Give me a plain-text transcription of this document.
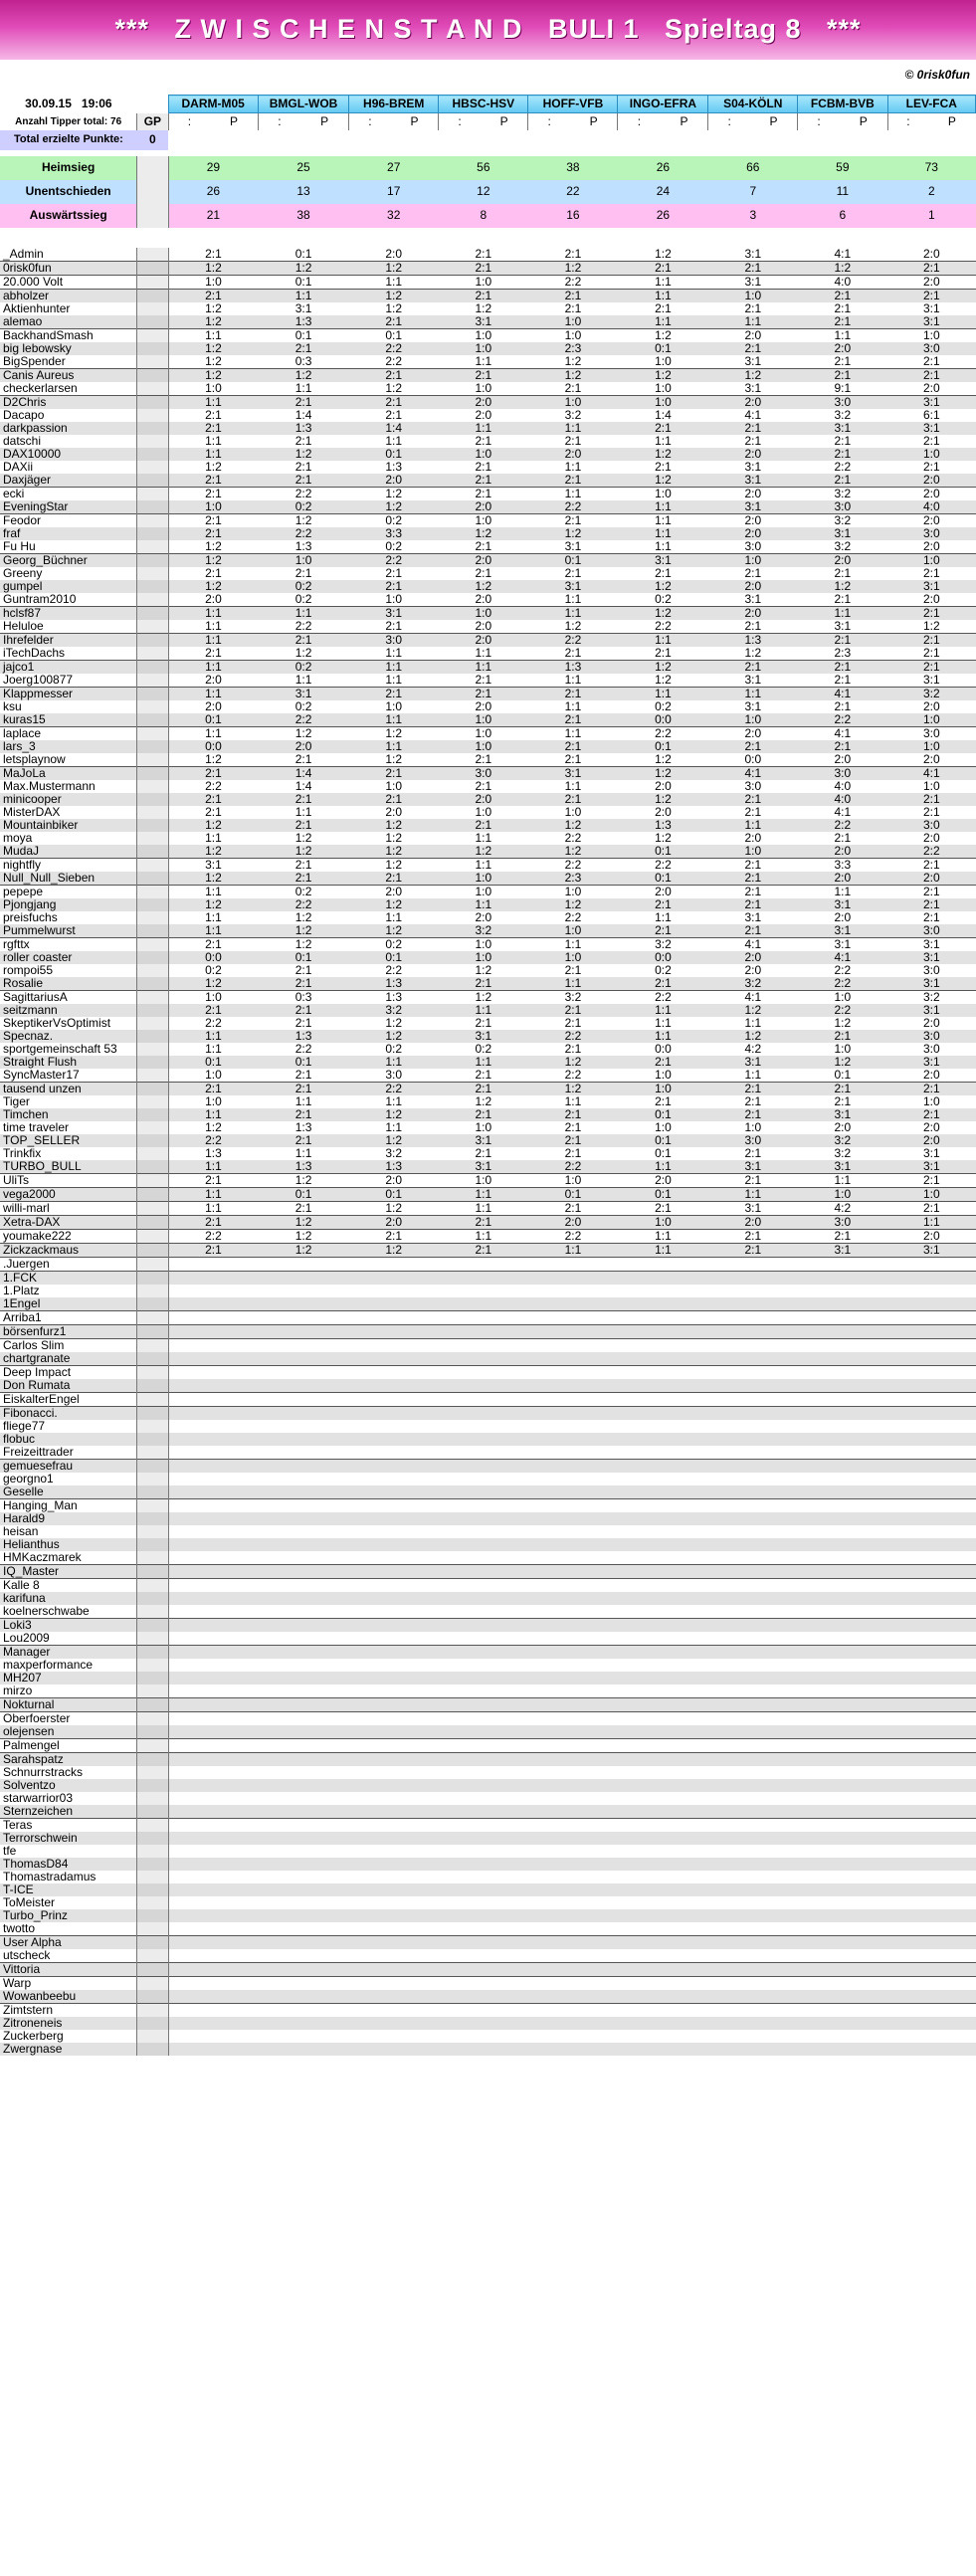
***   Z W I S C H E N S T A N D   BULI 1   Spieltag 8   ***
© 0risk0fun
30.09.15 19:06		DARM-M05		BMGL-WOB		H96-BREM		HBSC-HSV		HOFF-VFB		INGO-EFRA		S04-KÖLN		FCBM-BVB		LEV-FCA	
Anzahl Tipper total: 76	GP	:	P	:	P	:	P	:	P	:	P	:	P	:	P	:	P	:	P
Total erzielte Punkte:	0																		

Heimsieg		29		25		27		56		38		26		66		59		73	
Unentschieden		26		13		17		12		22		24		7		11		2	
Auswärtssieg		21		38		32		8		16		26		3		6		1	

_Admin		2:1		0:1		2:0		2:1		2:1		1:2		3:1		4:1		2:0	
0risk0fun		1:2		1:2		1:2		2:1		1:2		2:1		2:1		1:2		2:1	
20.000 Volt		1:0		0:1		1:1		1:0		2:2		1:1		3:1		4:0		2:0	
abholzer		2:1		1:1		1:2		2:1		2:1		1:1		1:0		2:1		2:1	
Aktienhunter		1:2		3:1		1:2		1:2		2:1		2:1		2:1		2:1		3:1	
alemao		1:2		1:3		2:1		3:1		1:0		1:1		1:1		2:1		3:1	
BackhandSmash		1:1		0:1		0:1		1:0		1:0		1:2		2:0		1:1		1:0	
big lebowsky		1:2		2:1		2:2		1:0		2:3		0:1		2:1		2:0		3:0	
BigSpender		1:2		0:3		2:2		1:1		1:2		1:0		3:1		2:1		2:1	
Canis Aureus		1:2		1:2		2:1		2:1		1:2		1:2		1:2		2:1		2:1	
checkerlarsen		1:0		1:1		1:2		1:0		2:1		1:0		3:1		9:1		2:0	
D2Chris		1:1		2:1		2:1		2:0		1:0		1:0		2:0		3:0		3:1	
Dacapo		2:1		1:4		2:1		2:0		3:2		1:4		4:1		3:2		6:1	
darkpassion		2:1		1:3		1:4		1:1		1:1		2:1		2:1		3:1		3:1	
datschi		1:1		2:1		1:1		2:1		2:1		1:1		2:1		2:1		2:1	
DAX10000		1:1		1:2		0:1		1:0		2:0		1:2		2:0		2:1		1:0	
DAXii		1:2		2:1		1:3		2:1		1:1		2:1		3:1		2:2		2:1	
Daxjäger		2:1		2:1		2:0		2:1		2:1		1:2		3:1		2:1		2:0	
ecki		2:1		2:2		1:2		2:1		1:1		1:0		2:0		3:2		2:0	
EveningStar		1:0		0:2		1:2		2:0		2:2		1:1		3:1		3:0		4:0	
Feodor		2:1		1:2		0:2		1:0		2:1		1:1		2:0		3:2		2:0	
fraf		2:1		2:2		3:3		1:2		1:2		1:1		2:0		3:1		3:0	
Fu Hu		1:2		1:3		0:2		2:1		3:1		1:1		3:0		3:2		2:0	
Georg_Büchner		1:2		1:0		2:2		2:0		0:1		3:1		1:0		2:0		1:0	
Greeny		2:1		2:1		2:1		2:1		2:1		2:1		2:1		2:1		2:1	
gumpel		1:2		0:2		2:1		1:2		3:1		1:2		2:0		1:2		3:1	
Guntram2010		2:0		0:2		1:0		2:0		1:1		0:2		3:1		2:1		2:0	
hclsf87		1:1		1:1		3:1		1:0		1:1		1:2		2:0		1:1		2:1	
Heluloe		1:1		2:2		2:1		2:0		1:2		2:2		2:1		3:1		1:2	
Ihrefelder		1:1		2:1		3:0		2:0		2:2		1:1		1:3		2:1		2:1	
iTechDachs		2:1		1:2		1:1		1:1		2:1		2:1		1:2		2:3		2:1	
jajco1		1:1		0:2		1:1		1:1		1:3		1:2		2:1		2:1		2:1	
Joerg100877		2:0		1:1		1:1		2:1		1:1		1:2		3:1		2:1		3:1	
Klappmesser		1:1		3:1		2:1		2:1		2:1		1:1		1:1		4:1		3:2	
ksu		2:0		0:2		1:0		2:0		1:1		0:2		3:1		2:1		2:0	
kuras15		0:1		2:2		1:1		1:0		2:1		0:0		1:0		2:2		1:0	
laplace		1:1		1:2		1:2		1:0		1:1		2:2		2:0		4:1		3:0	
lars_3		0:0		2:0		1:1		1:0		2:1		0:1		2:1		2:1		1:0	
letsplaynow		1:2		2:1		1:2		2:1		2:1		1:2		0:0		2:0		2:0	
MaJoLa		2:1		1:4		2:1		3:0		3:1		1:2		4:1		3:0		4:1	
Max.Mustermann		2:2		1:4		1:0		2:1		1:1		2:0		3:0		4:0		1:0	
minicooper		2:1		2:1		2:1		2:0		2:1		1:2		2:1		4:0		2:1	
MisterDAX		2:1		1:1		2:0		1:0		1:0		2:0		2:1		4:1		2:1	
Mountainbiker		1:2		2:1		1:2		2:1		1:2		1:3		1:1		2:2		3:0	
moya		1:1		1:2		1:2		1:1		2:2		1:2		2:0		2:1		2:0	
MudaJ		1:2		1:2		1:2		1:2		1:2		0:1		1:0		2:0		2:2	
nightfly		3:1		2:1		1:2		1:1		2:2		2:2		2:1		3:3		2:1	
Null_Null_Sieben		1:2		2:1		2:1		1:0		2:3		0:1		2:1		2:0		2:0	
pepepe		1:1		0:2		2:0		1:0		1:0		2:0		2:1		1:1		2:1	
Pjongjang		1:2		2:2		1:2		1:1		1:2		2:1		2:1		3:1		2:1	
preisfuchs		1:1		1:2		1:1		2:0		2:2		1:1		3:1		2:0		2:1	
Pummelwurst		1:1		1:2		1:2		3:2		1:0		2:1		2:1		3:1		3:0	
rgfttx		2:1		1:2		0:2		1:0		1:1		3:2		4:1		3:1		3:1	
roller coaster		0:0		0:1		0:1		1:0		1:0		0:0		2:0		4:1		3:1	
rompoi55		0:2		2:1		2:2		1:2		2:1		0:2		2:0		2:2		3:0	
Rosalie		1:2		2:1		1:3		2:1		1:1		2:1		3:2		2:2		3:1	
SagittariusA		1:0		0:3		1:3		1:2		3:2		2:2		4:1		1:0		3:2	
seitzmann		2:1		2:1		3:2		1:1		2:1		1:1		1:2		2:2		3:1	
SkeptikerVsOptimist		2:2		2:1		1:2		2:1		2:1		1:1		1:1		1:2		2:0	
Specnaz.		1:1		1:3		1:2		3:1		2:2		1:1		1:2		2:1		3:0	
sportgemeinschaft 53		1:1		2:2		0:2		0:2		2:1		0:0		4:2		1:0		3:0	
Straight Flush		0:1		0:1		1:1		1:1		1:2		2:1		3:1		1:2		3:1	
SyncMaster17		1:0		2:1		3:0		2:1		2:2		1:0		1:1		0:1		2:0	
tausend unzen		2:1		2:1		2:2		2:1		1:2		1:0		2:1		2:1		2:1	
Tiger		1:0		1:1		1:1		1:2		1:1		2:1		2:1		2:1		1:0	
Timchen		1:1		2:1		1:2		2:1		2:1		0:1		2:1		3:1		2:1	
time traveler		1:2		1:3		1:1		1:0		2:1		1:0		1:0		2:0		2:0	
TOP_SELLER		2:2		2:1		1:2		3:1		2:1		0:1		3:0		3:2		2:0	
Trinkfix		1:3		1:1		3:2		2:1		2:1		0:1		2:1		3:2		3:1	
TURBO_BULL		1:1		1:3		1:3		3:1		2:2		1:1		3:1		3:1		3:1	
UliTs		2:1		1:2		2:0		1:0		1:0		2:0		2:1		1:1		2:1	
vega2000		1:1		0:1		0:1		1:1		0:1		0:1		1:1		1:0		1:0	
willi-marl		1:1		2:1		1:2		1:1		2:1		2:1		3:1		4:2		2:1	
Xetra-DAX		2:1		1:2		2:0		2:1		2:0		1:0		2:0		3:0		1:1	
youmake222		2:2		1:2		2:1		1:1		2:2		1:1		2:1		2:1		2:0	
Zickzackmaus		2:1		1:2		1:2		2:1		1:1		1:1		2:1		3:1		3:1	
.Juergen																			
1.FCK																			
1.Platz																			
1Engel																			
Arriba1																			
börsenfurz1																			
Carlos Slim																			
chartgranate																			
Deep Impact																			
Don Rumata																			
EiskalterEngel																			
Fibonacci.																			
fliege77																			
flobuc																			
Freizeittrader																			
gemuesefrau																			
georgno1																			
Geselle																			
Hanging_Man																			
Harald9																			
heisan																			
Helianthus																			
HMKaczmarek																			
IQ_Master																			
Kalle 8																			
karifuna																			
koelnerschwabe																			
Loki3																			
Lou2009																			
Manager																			
maxperformance																			
MH207																			
mirzo																			
Nokturnal																			
Oberfoerster																			
olejensen																			
Palmengel																			
Sarahspatz																			
Schnurrstracks																			
Solventzo																			
starwarrior03																			
Sternzeichen																			
Teras																			
Terrorschwein																			
tfe																			
ThomasD84																			
Thomastradamus																			
T-ICE																			
ToMeister																			
Turbo_Prinz																			
twotto																			
User Alpha																			
utscheck																			
Vittoria																			
Warp																			
Wowanbeebu																			
Zimtstern																			
Zitroneneis																			
Zuckerberg																			
Zwergnase																			
